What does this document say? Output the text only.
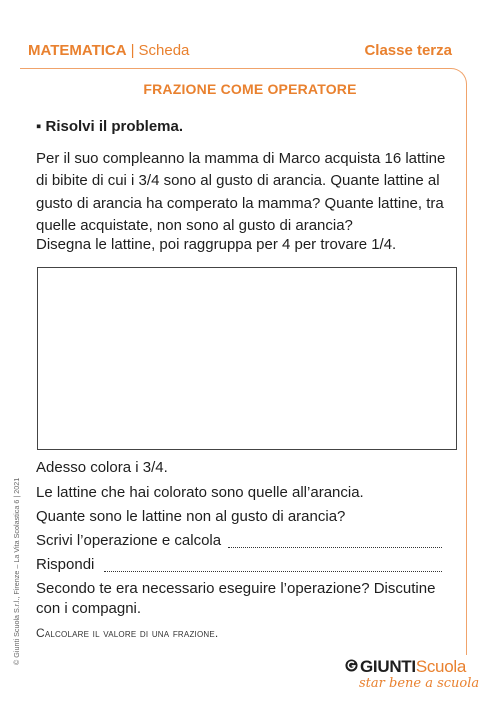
MATEMATICA | Scheda	Classe terza
FRAZIONE COME OPERATORE
▪ Risolvi il problema.
Per il suo compleanno la mamma di Marco acquista 16 lattine
di bibite di cui i 3/4 sono al gusto di arancia. Quante lattine al
gusto di arancia ha comperato la mamma? Quante lattine, tra
quelle acquistate, non sono al gusto di arancia?
Disegna le lattine, poi raggruppa per 4 per trovare 1/4.
Adesso colora i 3/4.
Le lattine che hai colorato sono quelle all’arancia.
Quante sono le lattine non al gusto di arancia?
Scrivi l’operazione e calcola
Rispondi
Secondo te era necessario eseguire l’operazione? Discutine
con i compagni.
Calcolare il valore di una frazione.
© Giunti Scuola S.r.l., Firenze – La Vita Scolastica 6 | 2021
GIUNTIScuola
star bene a scuola
